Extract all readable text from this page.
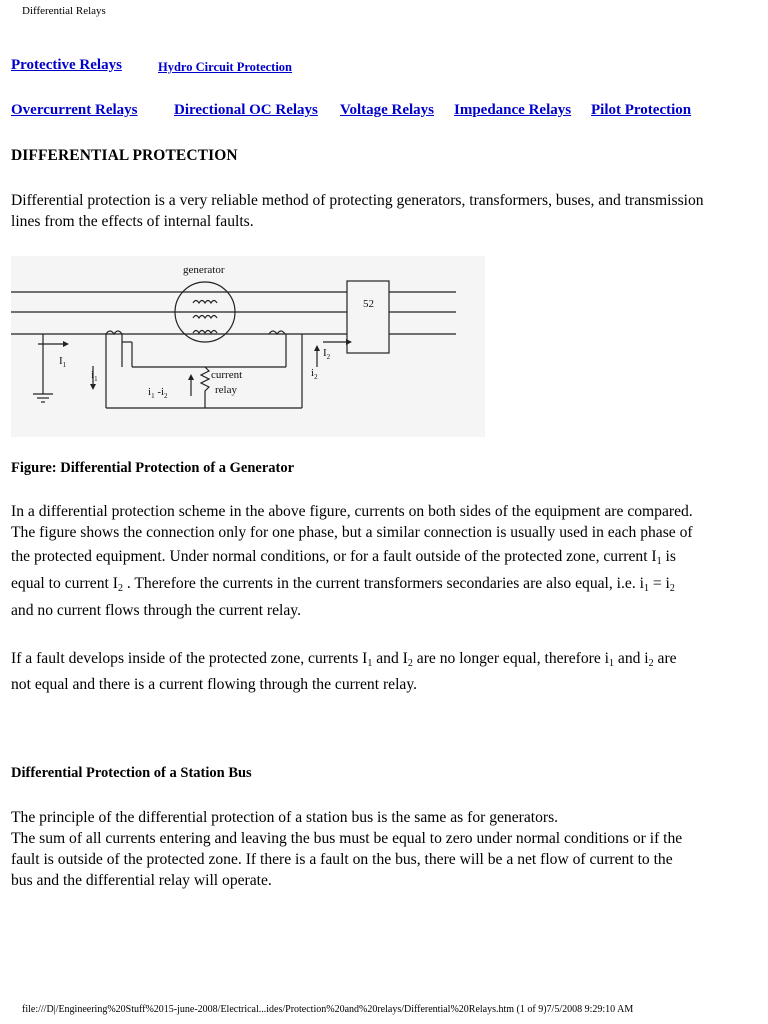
Differential Relays
Protective Relays	Hydro Circuit Protection
Overcurrent Relays Directional OC Relays Voltage Relays Impedance Relays Pilot Protection
DIFFERENTIAL PROTECTION

Differential protection is a very reliable method of protecting generators, transformers, buses, and transmission lines from the effects of internal faults.

generator
52
current
relay
$I_1$
$i_1$
$I_2$
$i_2$
$i_1$ $-i_2$
Figure: Differential Protection of a Generator

In a differential protection scheme in the above figure, currents on both sides of the equipment are compared.

The figure shows the connection only for one phase, but a similar connection is usually used in each phase of

the protected equipment. Under normal conditions, or for a fault outside of the protected zone, current $I_1$ is

equal to current $I_2$ . Therefore the currents in the current transformers secondaries are also equal, i.e. $i_1 = i_2$

and no current flows through the current relay.

If a fault develops inside of the protected zone, currents $I_1$ and $I_2$ are no longer equal, therefore $i_1$ and $i_2$ are

not equal and there is a current flowing through the current relay.

Differential Protection of a Station Bus

The principle of the differential protection of a station bus is the same as for generators.

The sum of all currents entering and leaving the bus must be equal to zero under normal conditions or if the

fault is outside of the protected zone. If there is a fault on the bus, there will be a net flow of current to the

bus and the differential relay will operate.

file:///D|/Engineering%20Stuff%2015-june-2008/Electrical...ides/Protection%20and%20relays/Differential%20Relays.htm (1 of 9)7/5/2008 9:29:10 AM
